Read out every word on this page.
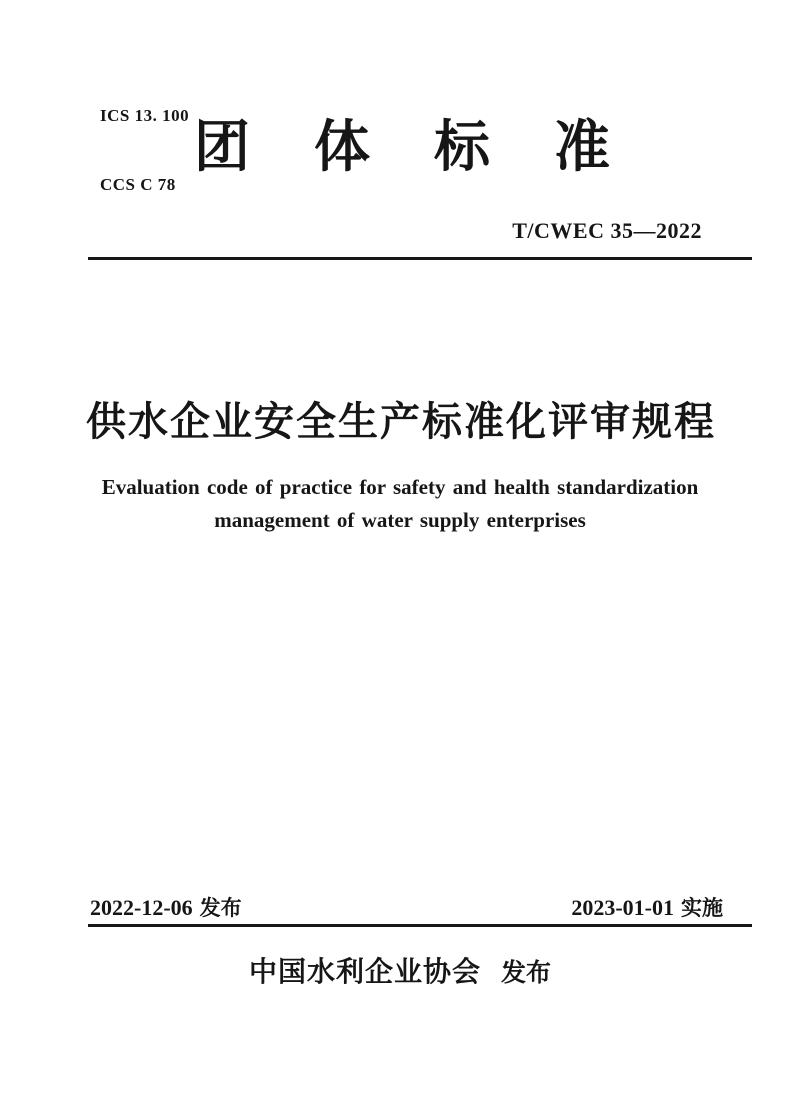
ICS 13. 100

CCS C 78

团体标准
T/CWEC 35—2022
供水企业安全生产标准化评审规程
Evaluation code of practice for safety and health standardization
management of water supply enterprises
2022-12-06 发布	2023-01-01 实施
中国水利企业协会 发布
